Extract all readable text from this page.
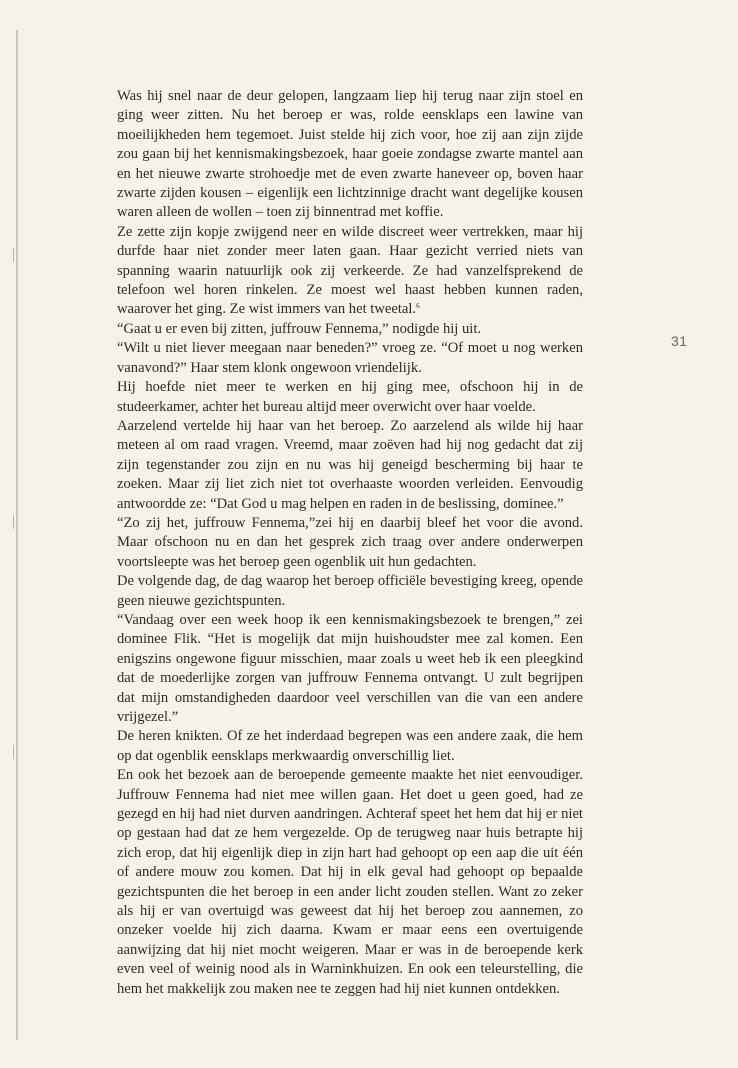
Was hij snel naar de deur gelopen, langzaam liep hij terug naar zijn stoel en ging weer zitten. Nu het beroep er was, rolde eensklaps een lawine van moeilijkheden hem tegemoet. Juist stelde hij zich voor, hoe zij aan zijn zijde zou gaan bij het kennismakingsbezoek, haar goeie zondagse zwarte mantel aan en het nieuwe zwarte strohoedje met de even zwarte haneveer op, boven haar zwarte zijden kousen – eigenlijk een lichtzinnige dracht want degelijke kousen waren alleen de wollen – toen zij binnentrad met koffie.

Ze zette zijn kopje zwijgend neer en wilde discreet weer vertrekken, maar hij durfde haar niet zonder meer laten gaan. Haar gezicht verried niets van spanning waarin natuurlijk ook zij verkeerde. Ze had vanzelfsprekend de telefoon wel horen rinkelen. Ze moest wel haast hebben kunnen raden, waarover het ging. Ze wist immers van het tweetal.$^6$

“Gaat u er even bij zitten, juffrouw Fennema,” nodigde hij uit.

“Wilt u niet liever meegaan naar beneden?” vroeg ze. “Of moet u nog werken vanavond?” Haar stem klonk ongewoon vriendelijk.

Hij hoefde niet meer te werken en hij ging mee, ofschoon hij in de studeerkamer, achter het bureau altijd meer overwicht over haar voelde.

Aarzelend vertelde hij haar van het beroep. Zo aarzelend als wilde hij haar meteen al om raad vragen. Vreemd, maar zoëven had hij nog gedacht dat zij zijn tegenstander zou zijn en nu was hij geneigd bescherming bij haar te zoeken. Maar zij liet zich niet tot overhaaste woorden verleiden. Eenvoudig antwoordde ze: “Dat God u mag helpen en raden in de beslissing, dominee.”

“Zo zij het, juffrouw Fennema,”zei hij en daarbij bleef het voor die avond. Maar ofschoon nu en dan het gesprek zich traag over andere onderwerpen voortsleepte was het beroep geen ogenblik uit hun gedachten.

De volgende dag, de dag waarop het beroep officiële bevestiging kreeg, opende geen nieuwe gezichtspunten.

“Vandaag over een week hoop ik een kennismakingsbezoek te brengen,” zei dominee Flik. “Het is mogelijk dat mijn huishoudster mee zal komen. Een enigszins ongewone figuur misschien, maar zoals u weet heb ik een pleegkind dat de moederlijke zorgen van juffrouw Fennema ontvangt. U zult begrijpen dat mijn omstandigheden daardoor veel verschillen van die van een andere vrijgezel.”

De heren knikten. Of ze het inderdaad begrepen was een andere zaak, die hem op dat ogenblik eensklaps merkwaardig onverschillig liet.

En ook het bezoek aan de beroepende gemeente maakte het niet eenvoudiger. Juffrouw Fennema had niet mee willen gaan. Het doet u geen goed, had ze gezegd en hij had niet durven aandringen. Achteraf speet het hem dat hij er niet op gestaan had dat ze hem vergezelde. Op de terugweg naar huis betrapte hij zich erop, dat hij eigenlijk diep in zijn hart had gehoopt op een aap die uit één of andere mouw zou komen. Dat hij in elk geval had gehoopt op bepaalde gezichtspunten die het beroep in een ander licht zouden stellen. Want zo zeker als hij er van overtuigd was geweest dat hij het beroep zou aannemen, zo onzeker voelde hij zich daarna. Kwam er maar eens een overtuigende aanwijzing dat hij niet mocht weigeren. Maar er was in de beroepende kerk even veel of weinig nood als in Warninkhuizen. En ook een teleurstelling, die hem het makkelijk zou maken nee te zeggen had hij niet kunnen ontdekken.

31
